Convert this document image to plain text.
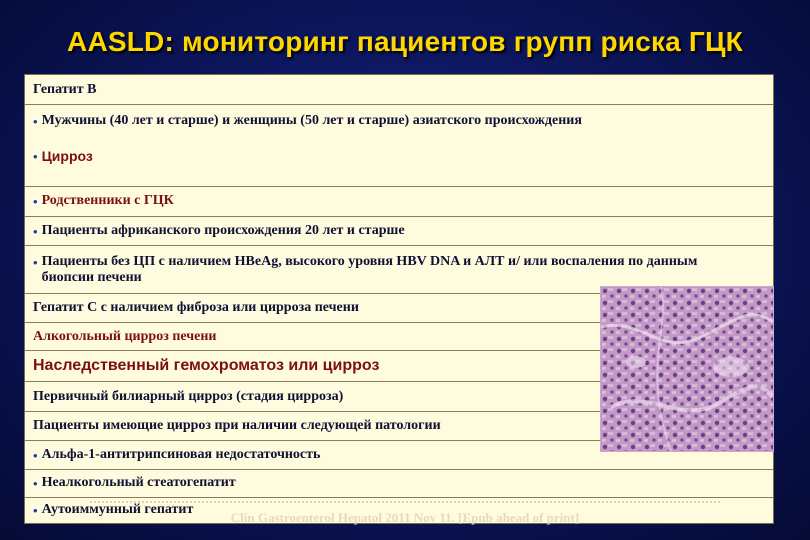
AASLD: мониторинг пациентов групп риска ГЦК
Гепатит B
• Мужчины (40 лет и старше) и женщины (50 лет и старше) азиатского происхождения
• Цирроз
• Родственники с ГЦК
• Пациенты африканского происхождения 20 лет и старше
• Пациенты без ЦП с наличием HBeAg, высокого уровня HBV DNA и АЛТ и/ или воспаления по данным биопсии печени
Гепатит С с наличием фиброза или цирроза печени
Алкогольный цирроз печени
Наследственный гемохроматоз или цирроз
Первичный билиарный цирроз (стадия цирроза)
Пациенты имеющие цирроз при наличии следующей патологии
• Альфа-1-антитрипсиновая недостаточность
• Неалкогольный стеатогепатит
• Аутоиммунный гепатит
Clin Gastroenterol Hepatol 2011 Nov 11. [Epub ahead of print]
